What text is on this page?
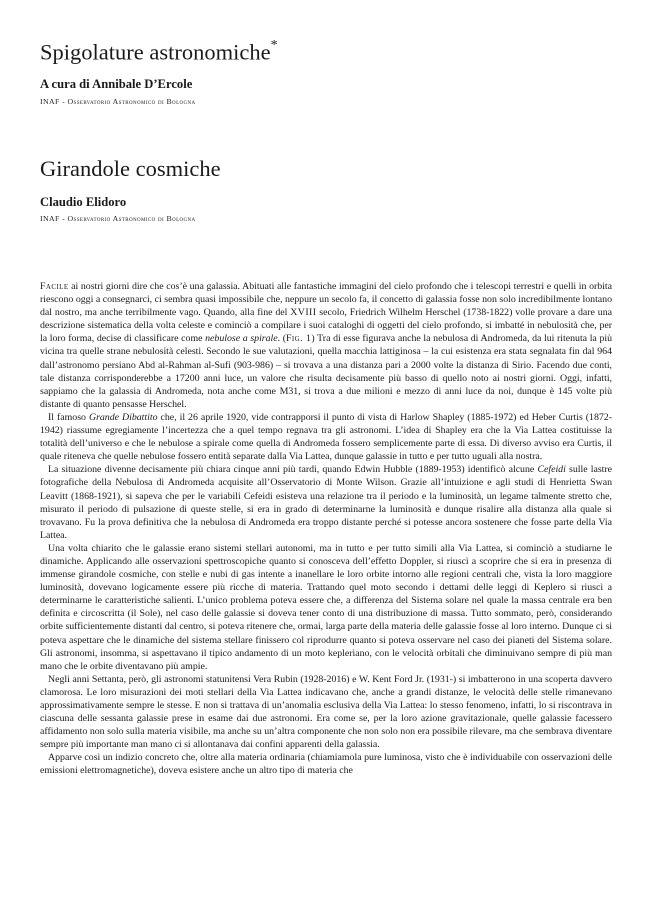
Spigolature astronomiche*
A cura di Annibale D’Ercole
INAF - Osservatorio Astronomico di Bologna
Girandole cosmiche
Claudio Elidoro
INAF - Osservatorio Astronomico di Bologna

Facile ai nostri giorni dire che cos’è una galassia. Abituati alle fantastiche immagini del cielo profondo che i telescopi terrestri e quelli in orbita riescono oggi a consegnarci, ci sembra quasi impossibile che, neppure un secolo fa, il concetto di galassia fosse non solo incredibilmente lontano dal nostro, ma anche terribilmente vago. Quando, alla fine del XVIII secolo, Friedrich Wilhelm Herschel (1738-1822) volle provare a dare una descrizione sistematica della volta celeste e cominciò a compilare i suoi cataloghi di oggetti del cielo profondo, si imbatté in nebulosità che, per la loro forma, decise di classificare come nebulose a spirale. (Fig. 1) Tra di esse figurava anche la nebulosa di Andromeda, da lui ritenuta la più vicina tra quelle strane nebulosità celesti. Secondo le sue valutazioni, quella macchia lattiginosa – la cui esistenza era stata segnalata fin dal 964 dall’astronomo persiano Abd al-Rahman al-Sufi (903-986) – si trovava a una distanza pari a 2000 volte la distanza di Sirio. Facendo due conti, tale distanza corrisponderebbe a 17200 anni luce, un valore che risulta decisamente più basso di quello noto ai nostri giorni. Oggi, infatti, sappiamo che la galassia di Andromeda, nota anche come M31, si trova a due milioni e mezzo di anni luce da noi, dunque è 145 volte più distante di quanto pensasse Herschel.

Il famoso Grande Dibattito che, il 26 aprile 1920, vide contrapporsi il punto di vista di Harlow Shapley (1885-1972) ed Heber Curtis (1872-1942) riassume egregiamente l’incertezza che a quel tempo regnava tra gli astronomi. L’idea di Shapley era che la Via Lattea costituisse la totalità dell’universo e che le nebulose a spirale come quella di Andromeda fossero semplicemente parte di essa. Di diverso avviso era Curtis, il quale riteneva che quelle nebulose fossero entità separate dalla Via Lattea, dunque galassie in tutto e per tutto uguali alla nostra.

La situazione divenne decisamente più chiara cinque anni più tardi, quando Edwin Hubble (1889-1953) identificò alcune Cefeidi sulle lastre fotografiche della Nebulosa di Andromeda acquisite all’Osservatorio di Monte Wilson. Grazie all’intuizione e agli studi di Henrietta Swan Leavitt (1868-1921), si sapeva che per le variabili Cefeidi esisteva una relazione tra il periodo e la luminosità, un legame talmente stretto che, misurato il periodo di pulsazione di queste stelle, si era in grado di determinarne la luminosità e dunque risalire alla distanza alla quale si trovavano. Fu la prova definitiva che la nebulosa di Andromeda era troppo distante perché si potesse ancora sostenere che fosse parte della Via Lattea.

Una volta chiarito che le galassie erano sistemi stellari autonomi, ma in tutto e per tutto simili alla Via Lattea, si cominciò a studiarne le dinamiche. Applicando alle osservazioni spettroscopiche quanto si conosceva dell’effetto Doppler, si riuscì a scoprire che si era in presenza di immense girandole cosmiche, con stelle e nubi di gas intente a inanellare le loro orbite intorno alle regioni centrali che, vista la loro maggiore luminosità, dovevano logicamente essere più ricche di materia. Trattando quel moto secondo i dettami delle leggi di Keplero si riuscì a determinarne le caratteristiche salienti. L’unico problema poteva essere che, a differenza del Sistema solare nel quale la massa centrale era ben definita e circoscritta (il Sole), nel caso delle galassie si doveva tener conto di una distribuzione di massa. Tutto sommato, però, considerando orbite sufficientemente distanti dal centro, si poteva ritenere che, ormai, larga parte della materia delle galassie fosse al loro interno. Dunque ci si poteva aspettare che le dinamiche del sistema stellare finissero col riprodurre quanto si poteva osservare nel caso dei pianeti del Sistema solare. Gli astronomi, insomma, si aspettavano il tipico andamento di un moto kepleriano, con le velocità orbitali che diminuivano sempre di più man mano che le orbite diventavano più ampie.

Negli anni Settanta, però, gli astronomi statunitensi Vera Rubin (1928-2016) e W. Kent Ford Jr. (1931-) si imbatterono in una scoperta davvero clamorosa. Le loro misurazioni dei moti stellari della Via Lattea indicavano che, anche a grandi distanze, le velocità delle stelle rimanevano approssimativamente sempre le stesse. E non si trattava di un’anomalia esclusiva della Via Lattea: lo stesso fenomeno, infatti, lo si riscontrava in ciascuna delle sessanta galassie prese in esame dai due astronomi. Era come se, per la loro azione gravitazionale, quelle galassie facessero affidamento non solo sulla materia visibile, ma anche su un’altra componente che non solo non era possibile rilevare, ma che sembrava diventare sempre più importante man mano ci si allontanava dai confini apparenti della galassia.

Apparve così un indizio concreto che, oltre alla materia ordinaria (chiamiamola pure luminosa, visto che è individuabile con osservazioni delle emissioni elettromagnetiche), doveva esistere anche un altro tipo di materia che
